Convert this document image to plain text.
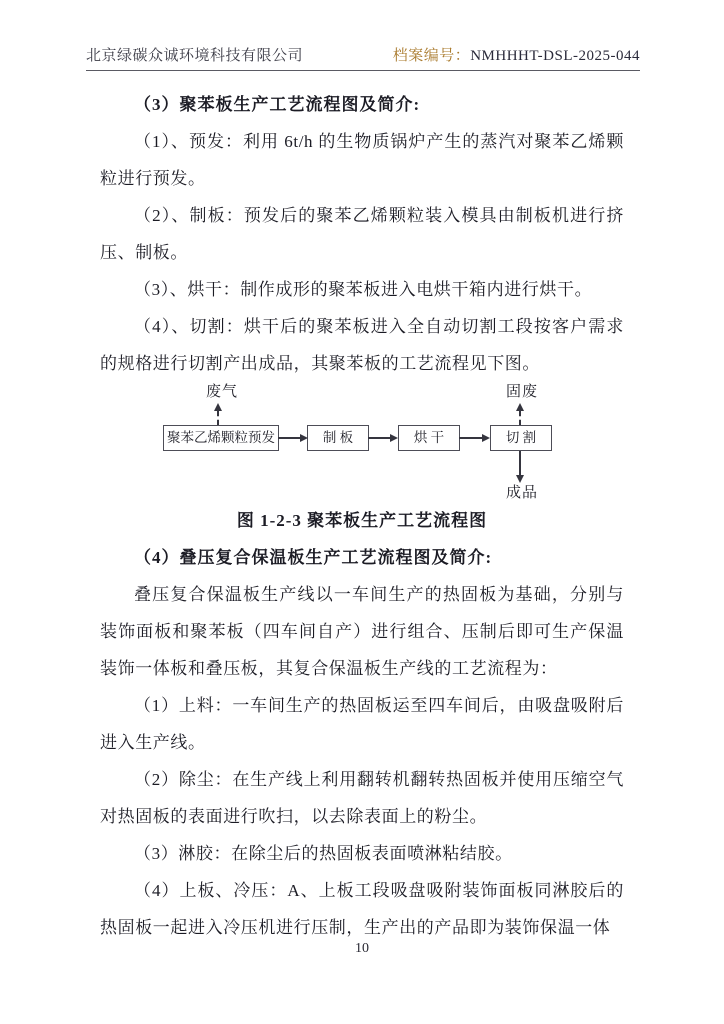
北京绿碳众诚环境科技有限公司	档案编号：NMHHHT-DSL-2025-044

（3）聚苯板生产工艺流程图及简介:

（1）、预发：利用 6t/h 的生物质锅炉产生的蒸汽对聚苯乙烯颗粒进行预发。

（2）、制板：预发后的聚苯乙烯颗粒装入模具由制板机进行挤压、制板。

（3）、烘干：制作成形的聚苯板进入电烘干箱内进行烘干。

（4）、切割：烘干后的聚苯板进入全自动切割工段按客户需求的规格进行切割产出成品，其聚苯板的工艺流程见下图。

废气	固废
聚苯乙烯颗粒预发	制 板	烘 干	切 割
成品

图 1-2-3 聚苯板生产工艺流程图

（4）叠压复合保温板生产工艺流程图及简介:

叠压复合保温板生产线以一车间生产的热固板为基础，分别与装饰面板和聚苯板（四车间自产）进行组合、压制后即可生产保温装饰一体板和叠压板，其复合保温板生产线的工艺流程为：

（1）上料：一车间生产的热固板运至四车间后，由吸盘吸附后进入生产线。

（2）除尘：在生产线上利用翻转机翻转热固板并使用压缩空气对热固板的表面进行吹扫，以去除表面上的粉尘。

（3）淋胶：在除尘后的热固板表面喷淋粘结胶。

（4）上板、冷压：A、上板工段吸盘吸附装饰面板同淋胶后的热固板一起进入冷压机进行压制，生产出的产品即为装饰保温一体

10
